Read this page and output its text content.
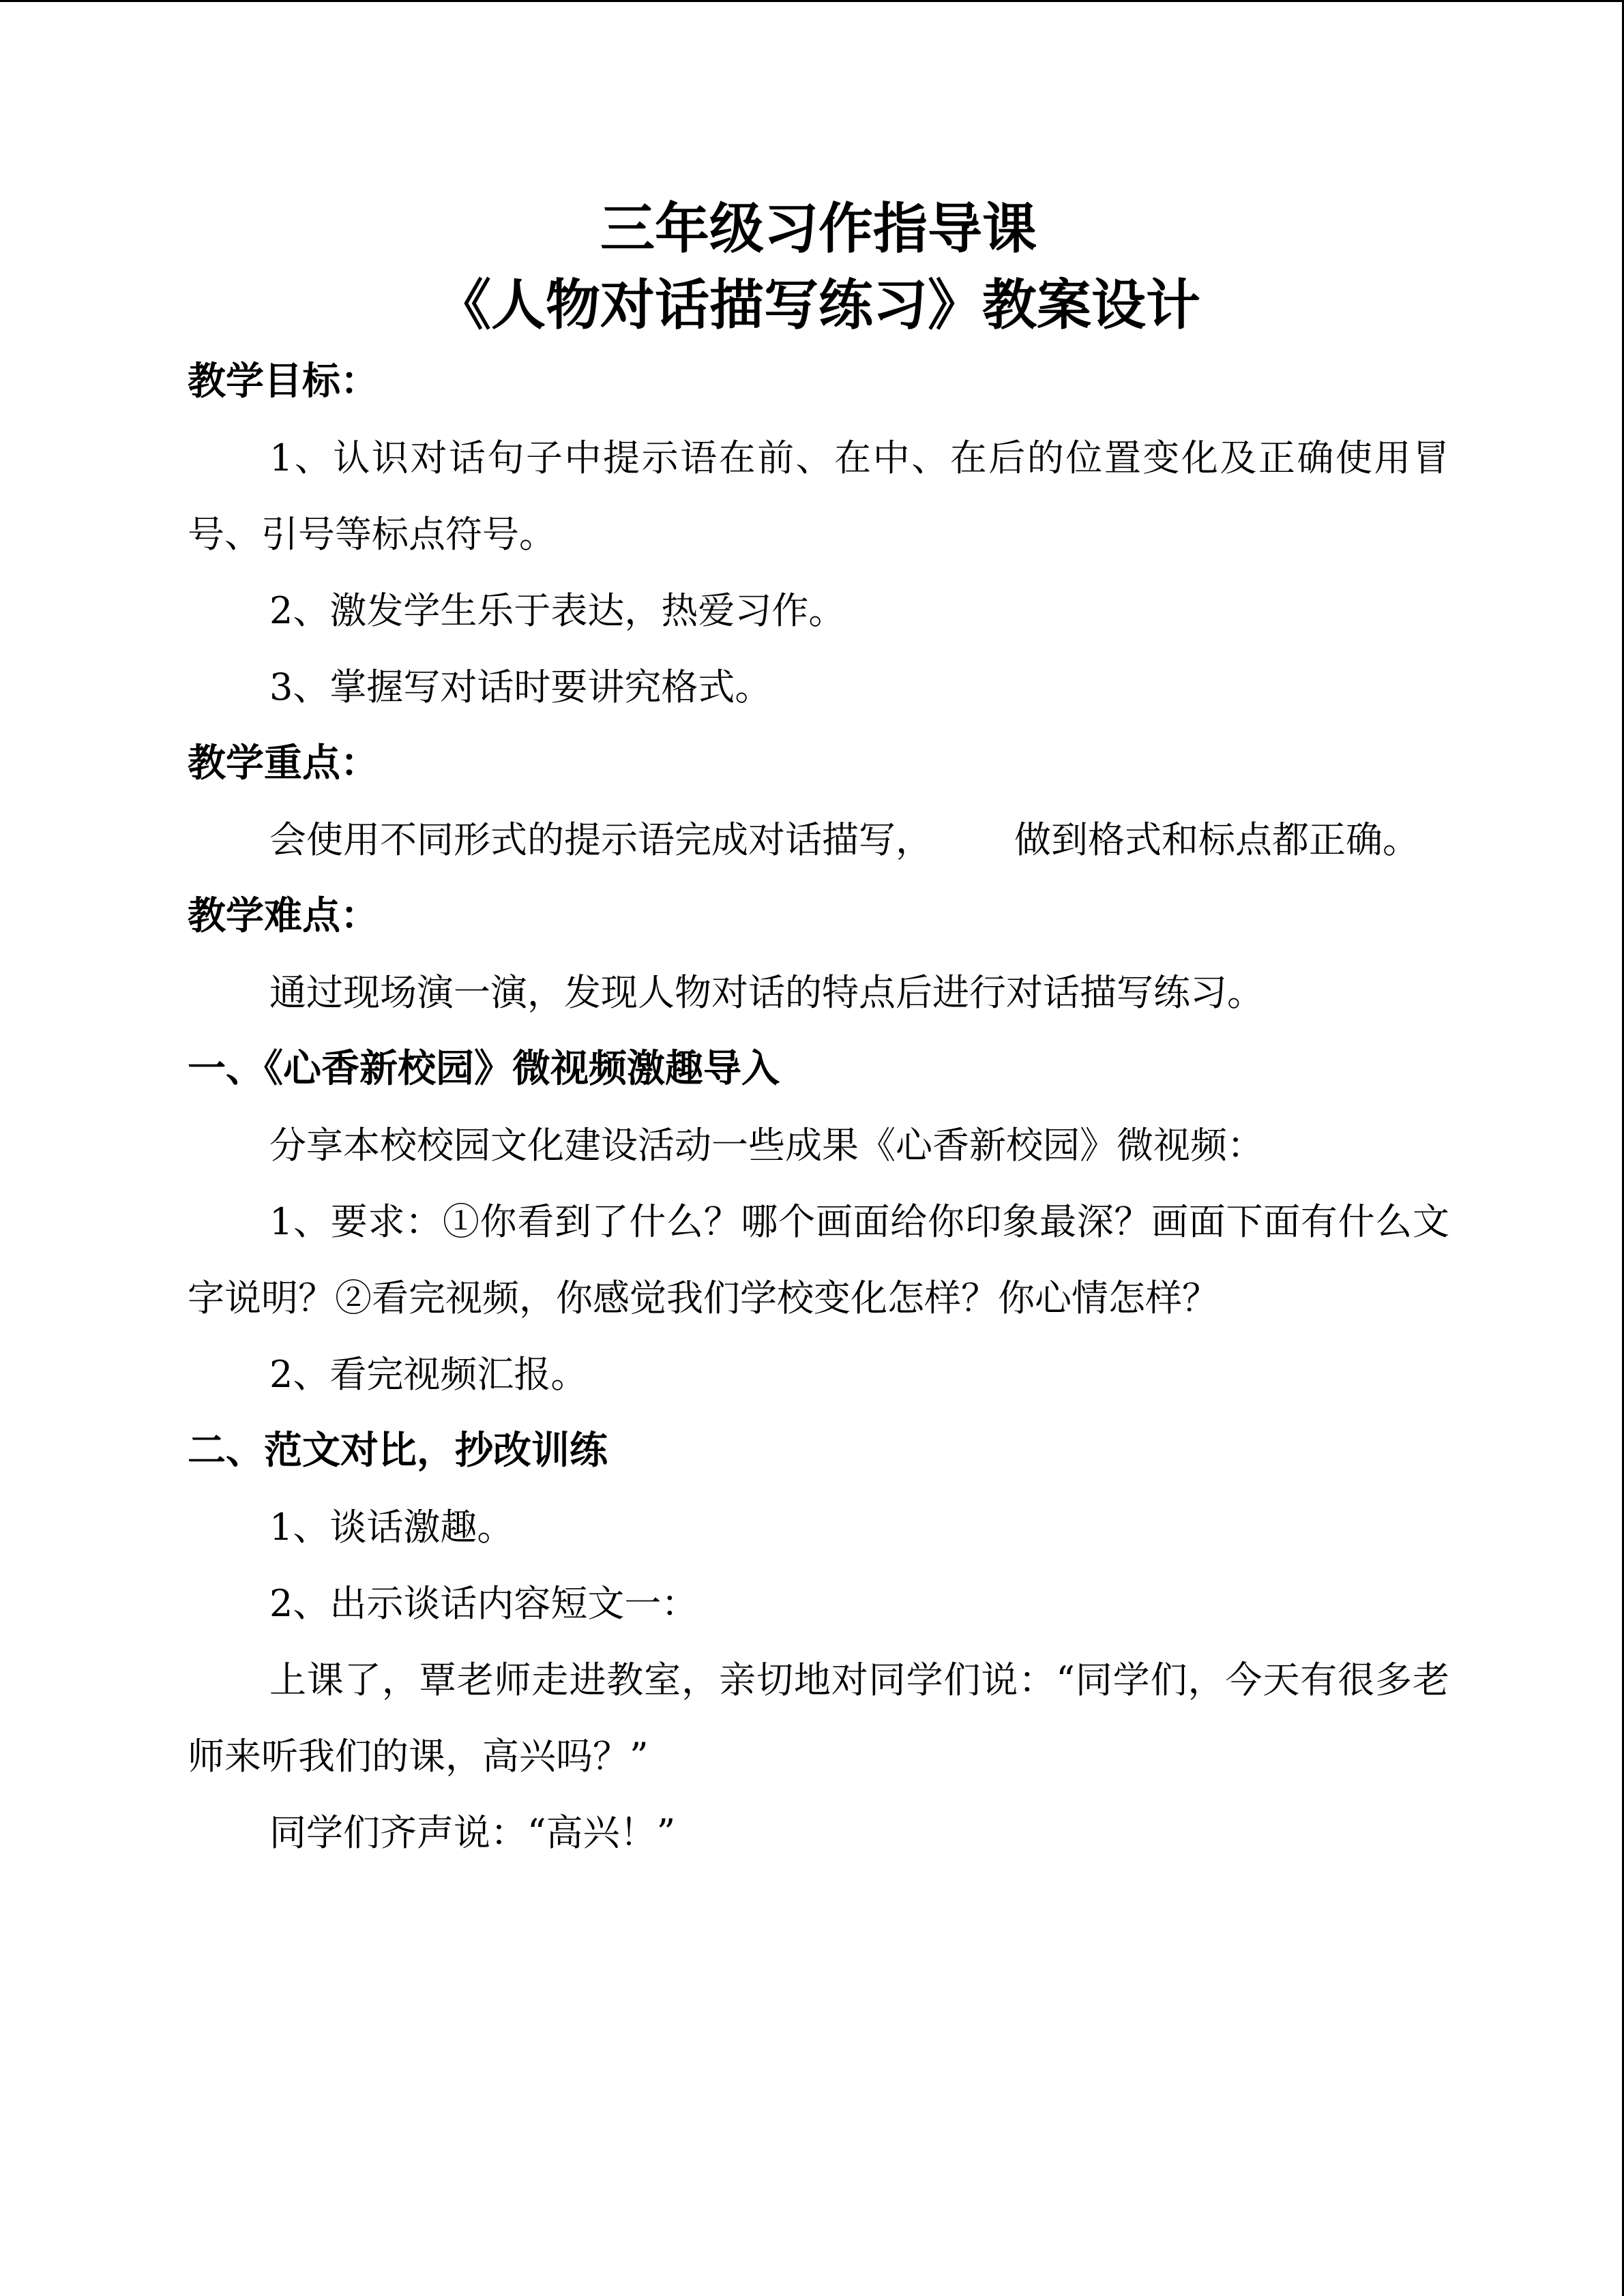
三年级习作指导课
《人物对话描写练习》教案设计
教学目标：

1、认识对话句子中提示语在前、在中、在后的位置变化及正确使用冒号、引号等标点符号。

2、激发学生乐于表达，热爱习作。

3、掌握写对话时要讲究格式。

教学重点：

会使用不同形式的提示语完成对话描写， 做到格式和标点都正确。

教学难点：

通过现场演一演，发现人物对话的特点后进行对话描写练习。

一、《心香新校园》微视频激趣导入

分享本校校园文化建设活动一些成果《心香新校园》微视频：

1、要求：①你看到了什么？哪个画面给你印象最深？画面下面有什么文字说明？②看完视频，你感觉我们学校变化怎样？你心情怎样？

2、看完视频汇报。

二、范文对比，抄改训练

1、谈话激趣。

2、出示谈话内容短文一：

上课了，覃老师走进教室，亲切地对同学们说：“同学们，今天有很多老师来听我们的课，高兴吗？”

同学们齐声说：“高兴！”
